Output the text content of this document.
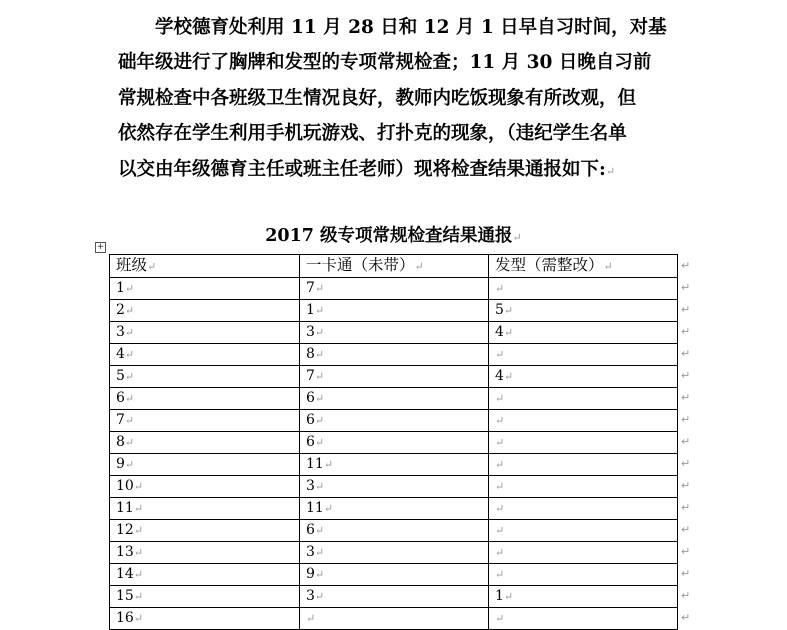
学校德育处利用 11 月 28 日和 12 月 1 日早自习时间，对基
础年级进行了胸牌和发型的专项常规检查；11 月 30 日晚自习前
常规检查中各班级卫生情况良好，教师内吃饭现象有所改观，但
依然存在学生利用手机玩游戏、打扑克的现象，（违纪学生名单
以交由年级德育主任或班主任老师）现将检查结果通报如下:↵
2017 级专项常规检查结果通报↵
+
班级↵	一卡通（未带）↵	发型（需整改）↵
1↵	7↵	↵
2↵	1↵	5↵
3↵	3↵	4↵
4↵	8↵	↵
5↵	7↵	4↵
6↵	6↵	↵
7↵	6↵	↵
8↵	6↵	↵
9↵	11↵	↵
10↵	3↵	↵
11↵	11↵	↵
12↵	6↵	↵
13↵	3↵	↵
14↵	9↵	↵
15↵	3↵	1↵
16↵	↵	↵
↵
↵
↵
↵
↵
↵
↵
↵
↵
↵
↵
↵
↵
↵
↵
↵
↵
